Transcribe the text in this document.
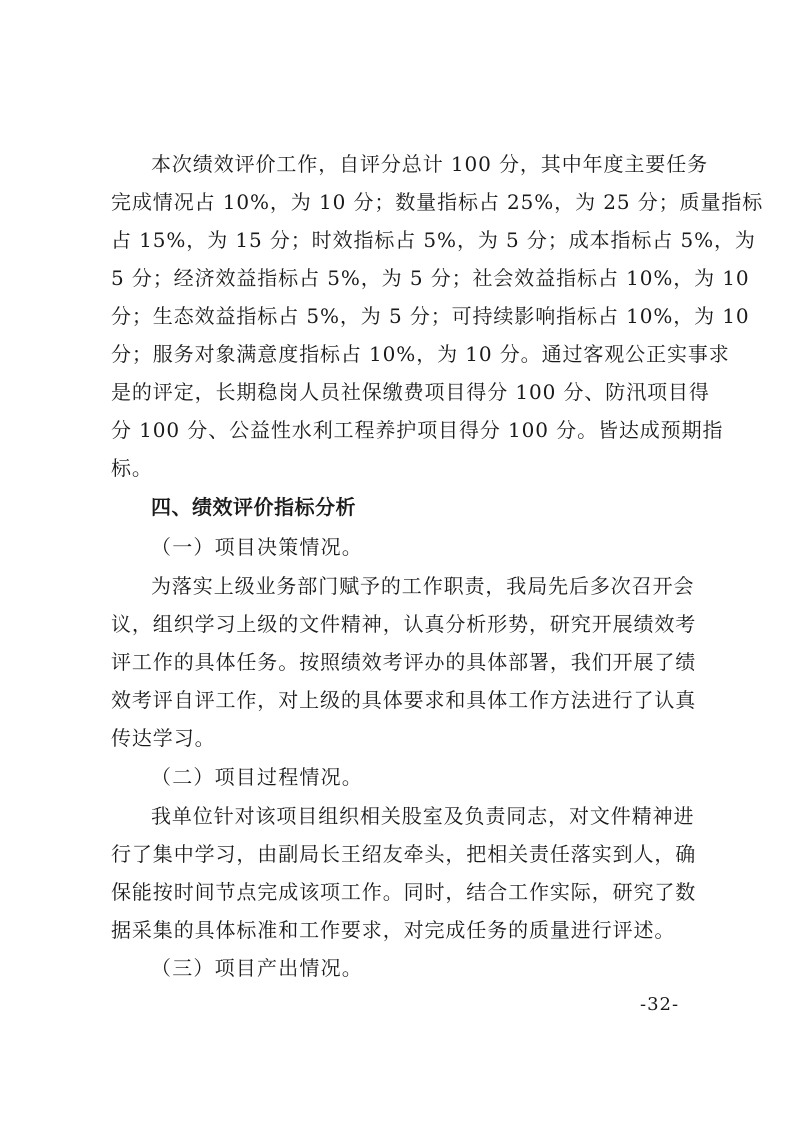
本次绩效评价工作，自评分总计 100 分，其中年度主要任务
完成情况占 10%，为 10 分；数量指标占 25%，为 25 分；质量指标
占 15%，为 15 分；时效指标占 5%，为 5 分；成本指标占 5%，为
5 分；经济效益指标占 5%，为 5 分；社会效益指标占 10%，为 10
分；生态效益指标占 5%，为 5 分；可持续影响指标占 10%，为 10
分；服务对象满意度指标占 10%，为 10 分。通过客观公正实事求
是的评定，长期稳岗人员社保缴费项目得分 100 分、防汛项目得
分 100 分、公益性水利工程养护项目得分 100 分。皆达成预期指
标。
四、绩效评价指标分析
（一）项目决策情况。
为落实上级业务部门赋予的工作职责，我局先后多次召开会
议，组织学习上级的文件精神，认真分析形势，研究开展绩效考
评工作的具体任务。按照绩效考评办的具体部署，我们开展了绩
效考评自评工作，对上级的具体要求和具体工作方法进行了认真
传达学习。
（二）项目过程情况。
我单位针对该项目组织相关股室及负责同志，对文件精神进
行了集中学习，由副局长王绍友牵头，把相关责任落实到人，确
保能按时间节点完成该项工作。同时，结合工作实际，研究了数
据采集的具体标准和工作要求，对完成任务的质量进行评述。
（三）项目产出情况。
-32-
